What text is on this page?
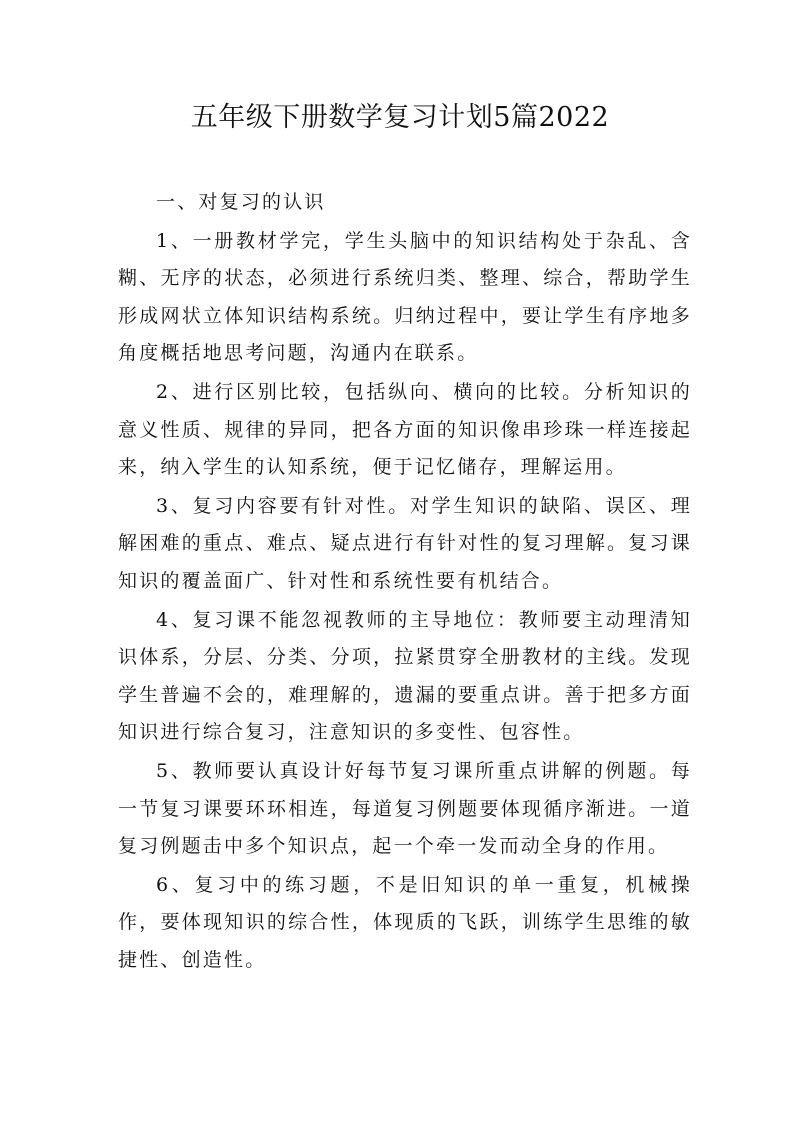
五年级下册数学复习计划5篇2022

一、对复习的认识

1、一册教材学完，学生头脑中的知识结构处于杂乱、含糊、无序的状态，必须进行系统归类、整理、综合，帮助学生形成网状立体知识结构系统。归纳过程中，要让学生有序地多角度概括地思考问题，沟通内在联系。

2、进行区别比较，包括纵向、横向的比较。分析知识的意义性质、规律的异同，把各方面的知识像串珍珠一样连接起来，纳入学生的认知系统，便于记忆储存，理解运用。

3、复习内容要有针对性。对学生知识的缺陷、误区、理解困难的重点、难点、疑点进行有针对性的复习理解。复习课知识的覆盖面广、针对性和系统性要有机结合。

4、复习课不能忽视教师的主导地位：教师要主动理清知识体系，分层、分类、分项，拉紧贯穿全册教材的主线。发现学生普遍不会的，难理解的，遗漏的要重点讲。善于把多方面知识进行综合复习，注意知识的多变性、包容性。

5、教师要认真设计好每节复习课所重点讲解的例题。每一节复习课要环环相连，每道复习例题要体现循序渐进。一道复习例题击中多个知识点，起一个牵一发而动全身的作用。

6、复习中的练习题，不是旧知识的单一重复，机械操作，要体现知识的综合性，体现质的飞跃，训练学生思维的敏捷性、创造性。
